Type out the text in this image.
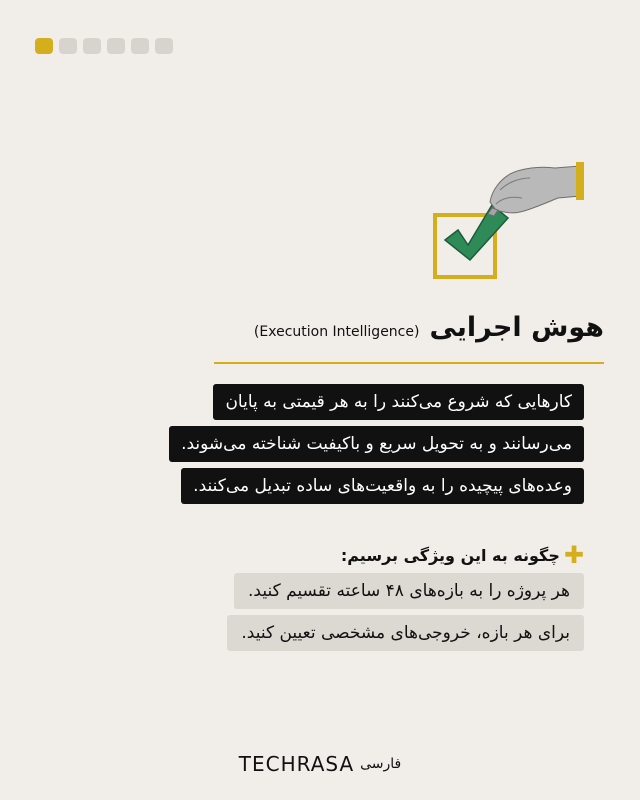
هوش اجرایی
(Execution Intelligence)
کارهایی که شروع می‌کنند را به هر قیمتی به پایان
می‌رسانند و به تحویل سریع و باکیفیت شناخته می‌شوند.
وعده‌های پیچیده را به واقعیت‌های ساده تبدیل می‌کنند.
✚
چگونه به این ویژگی برسیم:
هر پروژه را به بازه‌های ۴۸ ساعته تقسیم کنید.
برای هر بازه، خروجی‌های مشخصی تعیین کنید.
TECHRASA فارسی
